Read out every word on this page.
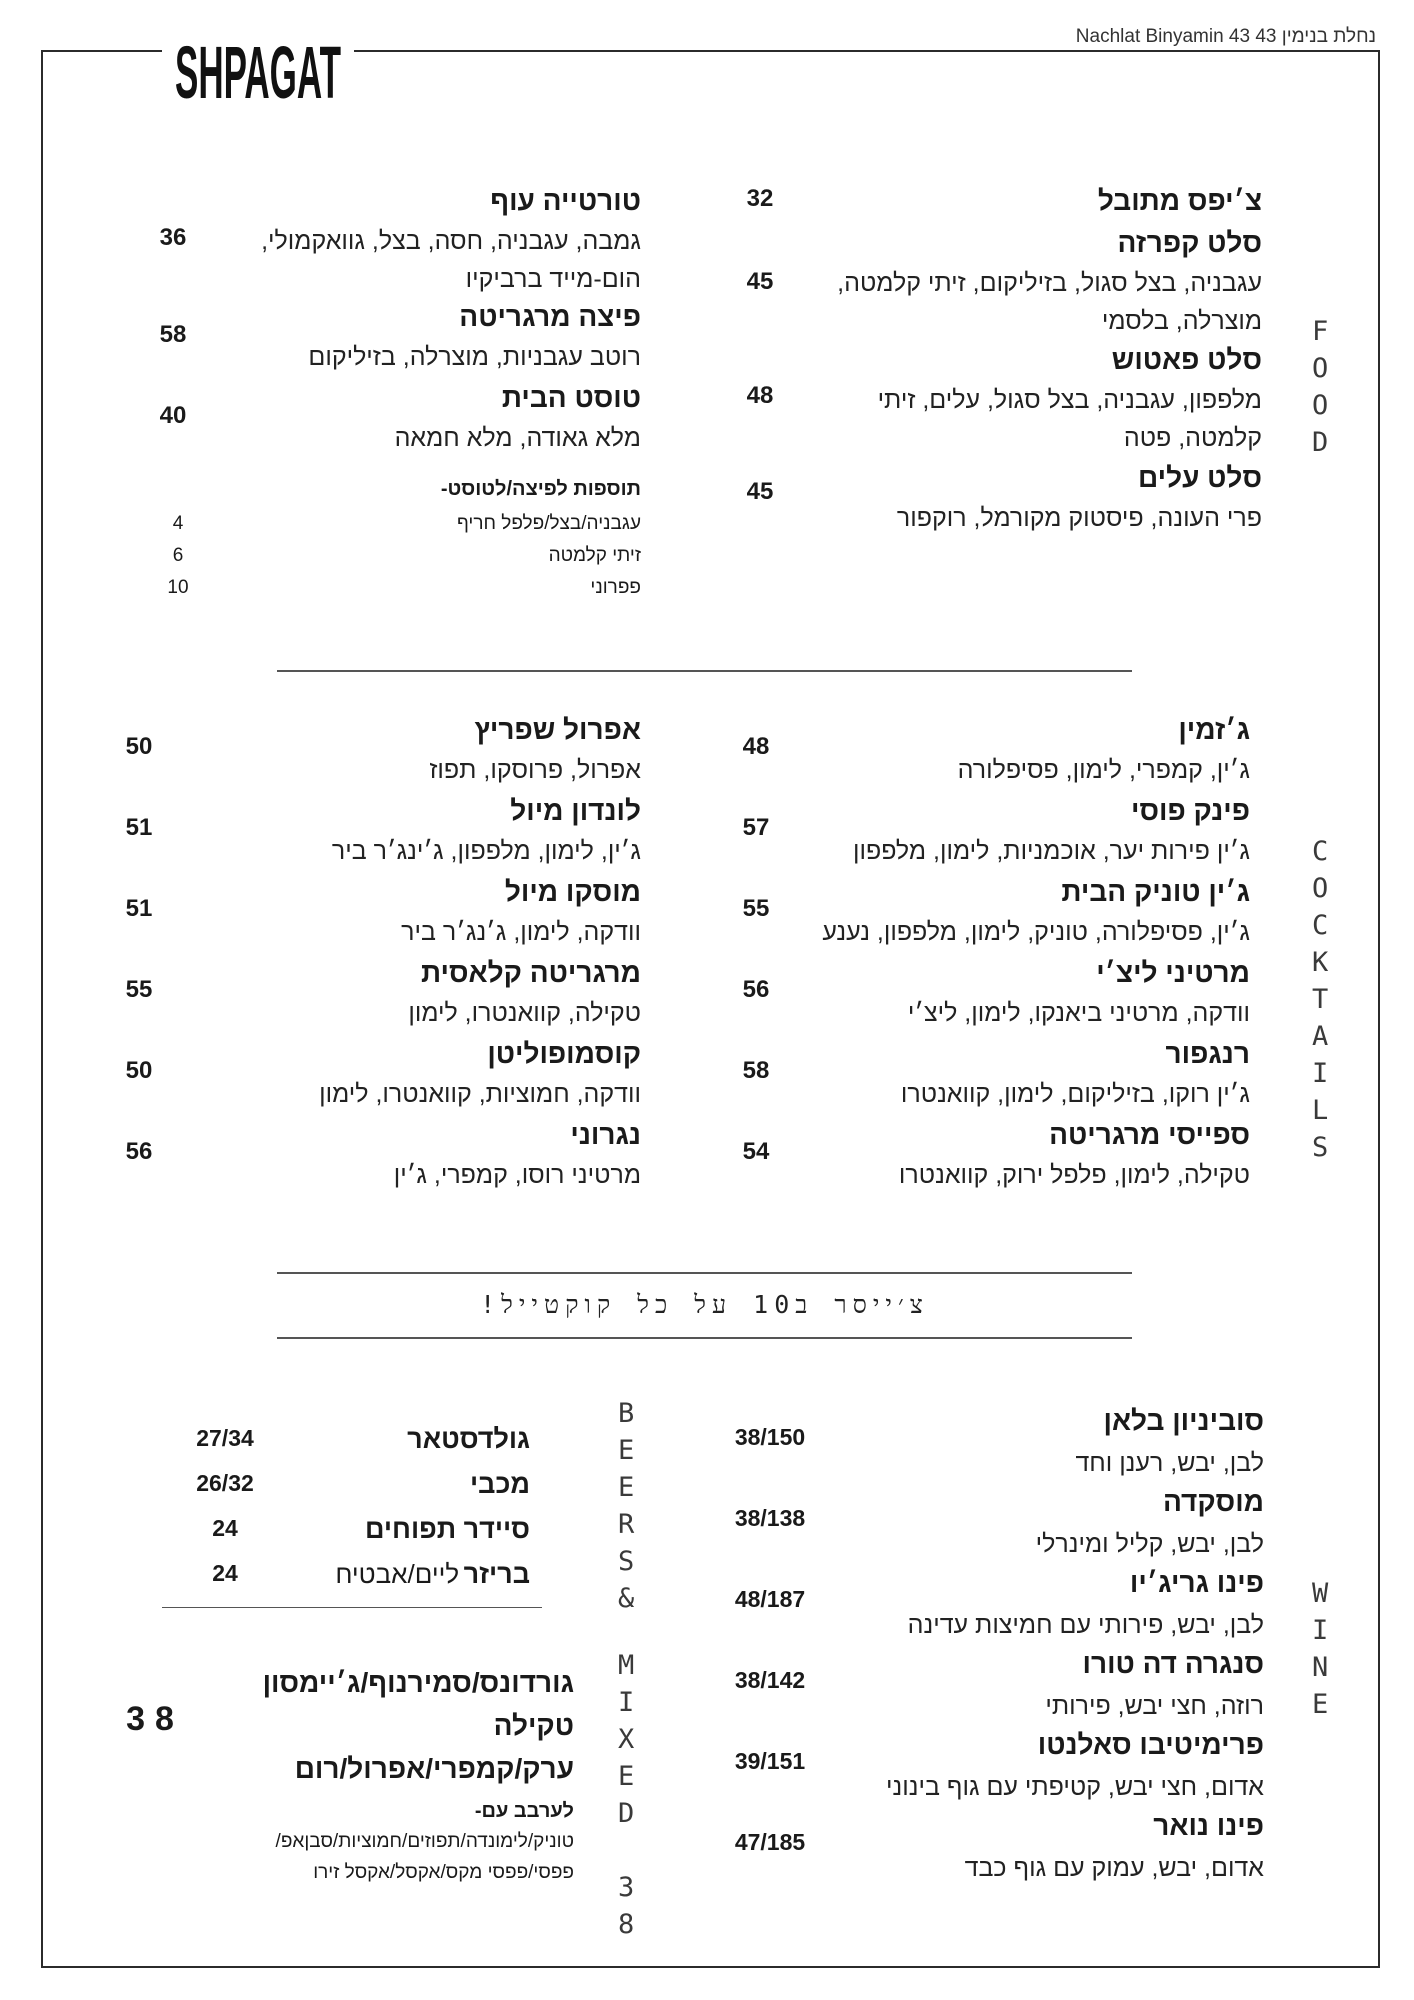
SHPAGAT	נחלת בנימין 43 Nachlat Binyamin 43
צ׳יפס מתובל
32
סלט קפרזה
עגבניה, בצל סגול, בזיליקום, זיתי קלמטה, מוצרלה, בלסמי
45
סלט פאטוש
מלפפון, עגבניה, בצל סגול, עלים, זיתי קלמטה, פטה
48
סלט עלים
פרי העונה, פיסטוק מקורמל, רוקפור
45
טורטייה עוף
גמבה, עגבניה, חסה, בצל, גוואקמולי, הום-מייד ברביקיו
36
פיצה מרגריטה
רוטב עגבניות, מוצרלה, בזיליקום
58
טוסט הבית
מלא גאודה, מלא חמאה
40
תוספות לפיצה/לטוסט-
עגבניה/בצל/פלפל חריף
4
זיתי קלמטה
6
פפרוני
10
F
O
O
D
ג׳זמין
ג׳ין, קמפרי, לימון, פסיפלורה
48
פינק פוסי
ג׳ין פירות יער, אוכמניות, לימון, מלפפון
57
ג׳ין טוניק הבית
ג׳ין, פסיפלורה, טוניק, לימון, מלפפון, נענע
55
מרטיני ליצ׳י
וודקה, מרטיני ביאנקו, לימון, ליצ׳י
56
רנגפור
ג׳ין רוקו, בזיליקום, לימון, קוואנטרו
58
ספייסי מרגריטה
טקילה, לימון, פלפל ירוק, קוואנטרו
54
אפרול שפריץ
אפרול, פרוסקו, תפוז
50
לונדון מיול
ג׳ין, לימון, מלפפון, ג׳ינג׳ר ביר
51
מוסקו מיול
וודקה, לימון, ג׳נג׳ר ביר
51
מרגריטה קלאסית
טקילה, קוואנטרו, לימון
55
קוסמופוליטן
וודקה, חמוציות, קוואנטרו, לימון
50
נגרוני
מרטיני רוסו, קמפרי, ג׳ין
56
C
O
C
K
T
A
I
L
S
צ׳ייסר ב10 על כל קוקטייל!
סוביניון בלאן
לבן, יבש, רענן וחד
38/150
מוסקדה
לבן, יבש, קליל ומינרלי
38/138
פינו גריג׳יו
לבן, יבש, פירותי עם חמיצות עדינה
48/187
סנגרה דה טורו
רוזה, חצי יבש, פירותי
38/142
פרימיטיבו סאלנטו
אדום, חצי יבש, קטיפתי עם גוף בינוני
39/151
פינו נואר
אדום, יבש, עמוק עם גוף כבד
47/185
W
I
N
E
גולדסטאר
27/34
מכבי
26/32
סיידר תפוחים
24
בריזר ליים/אבטיח
24
B
E
E
R
S
&
גורדונס/סמירנוף/ג׳יימסון
טקילה
ערק/קמפרי/אפרול/רום
38
לערבב עם-
טוניק/לימונדה/תפוזים/חמוציות/סבןאפ/
פפסי/פפסי מקס/אקסל/אקסל זירו
M
I
X
E
D

3
8
